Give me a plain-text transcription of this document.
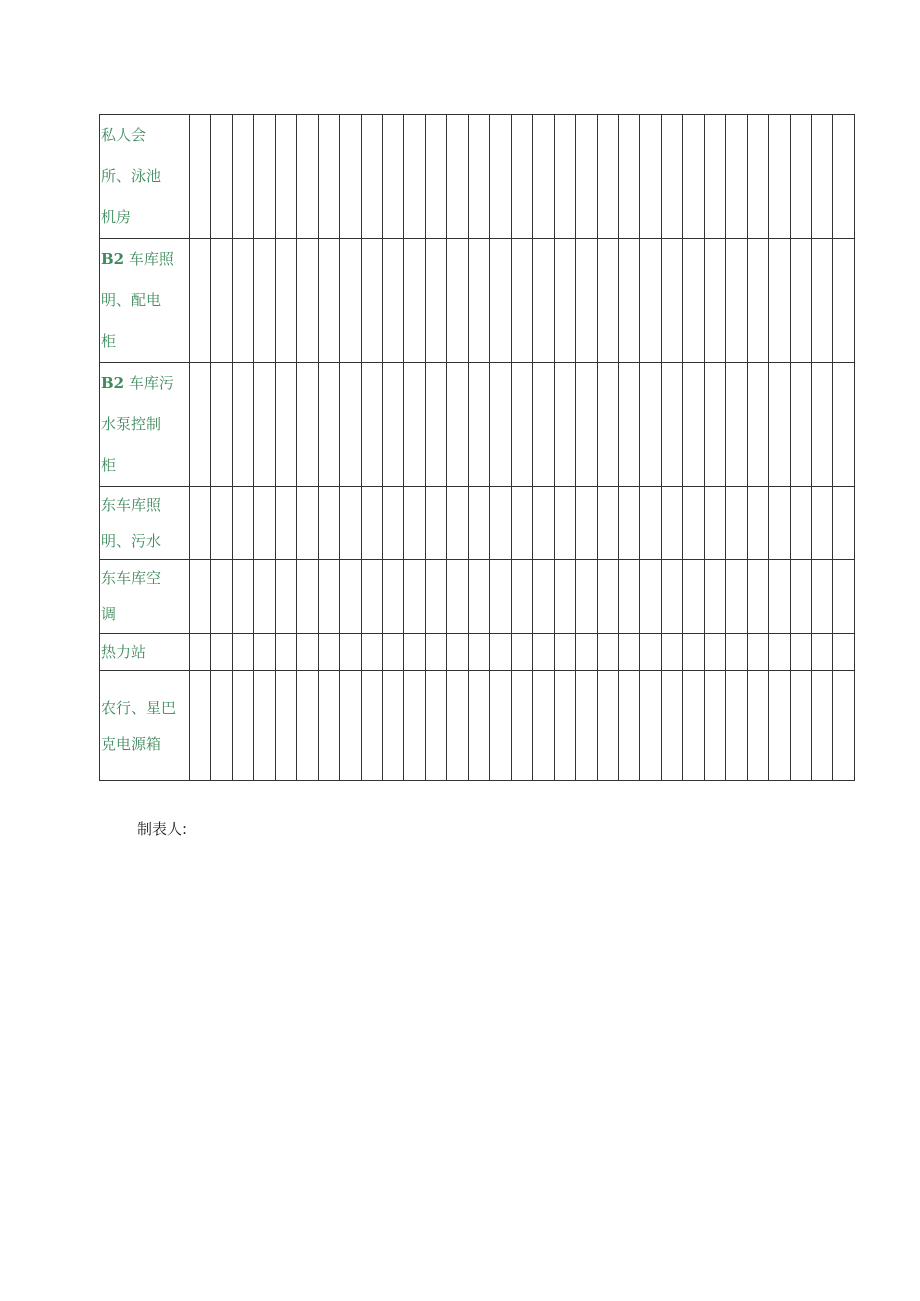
私人会
所、泳池
机房																															

B2 车库照
明、配电
柜																															

B2 车库污
水泵控制
柜																															

东车库照
明、污水																															

东车库空
调																															

热力站																															

农行、星巴
克电源箱																															

制表人:
